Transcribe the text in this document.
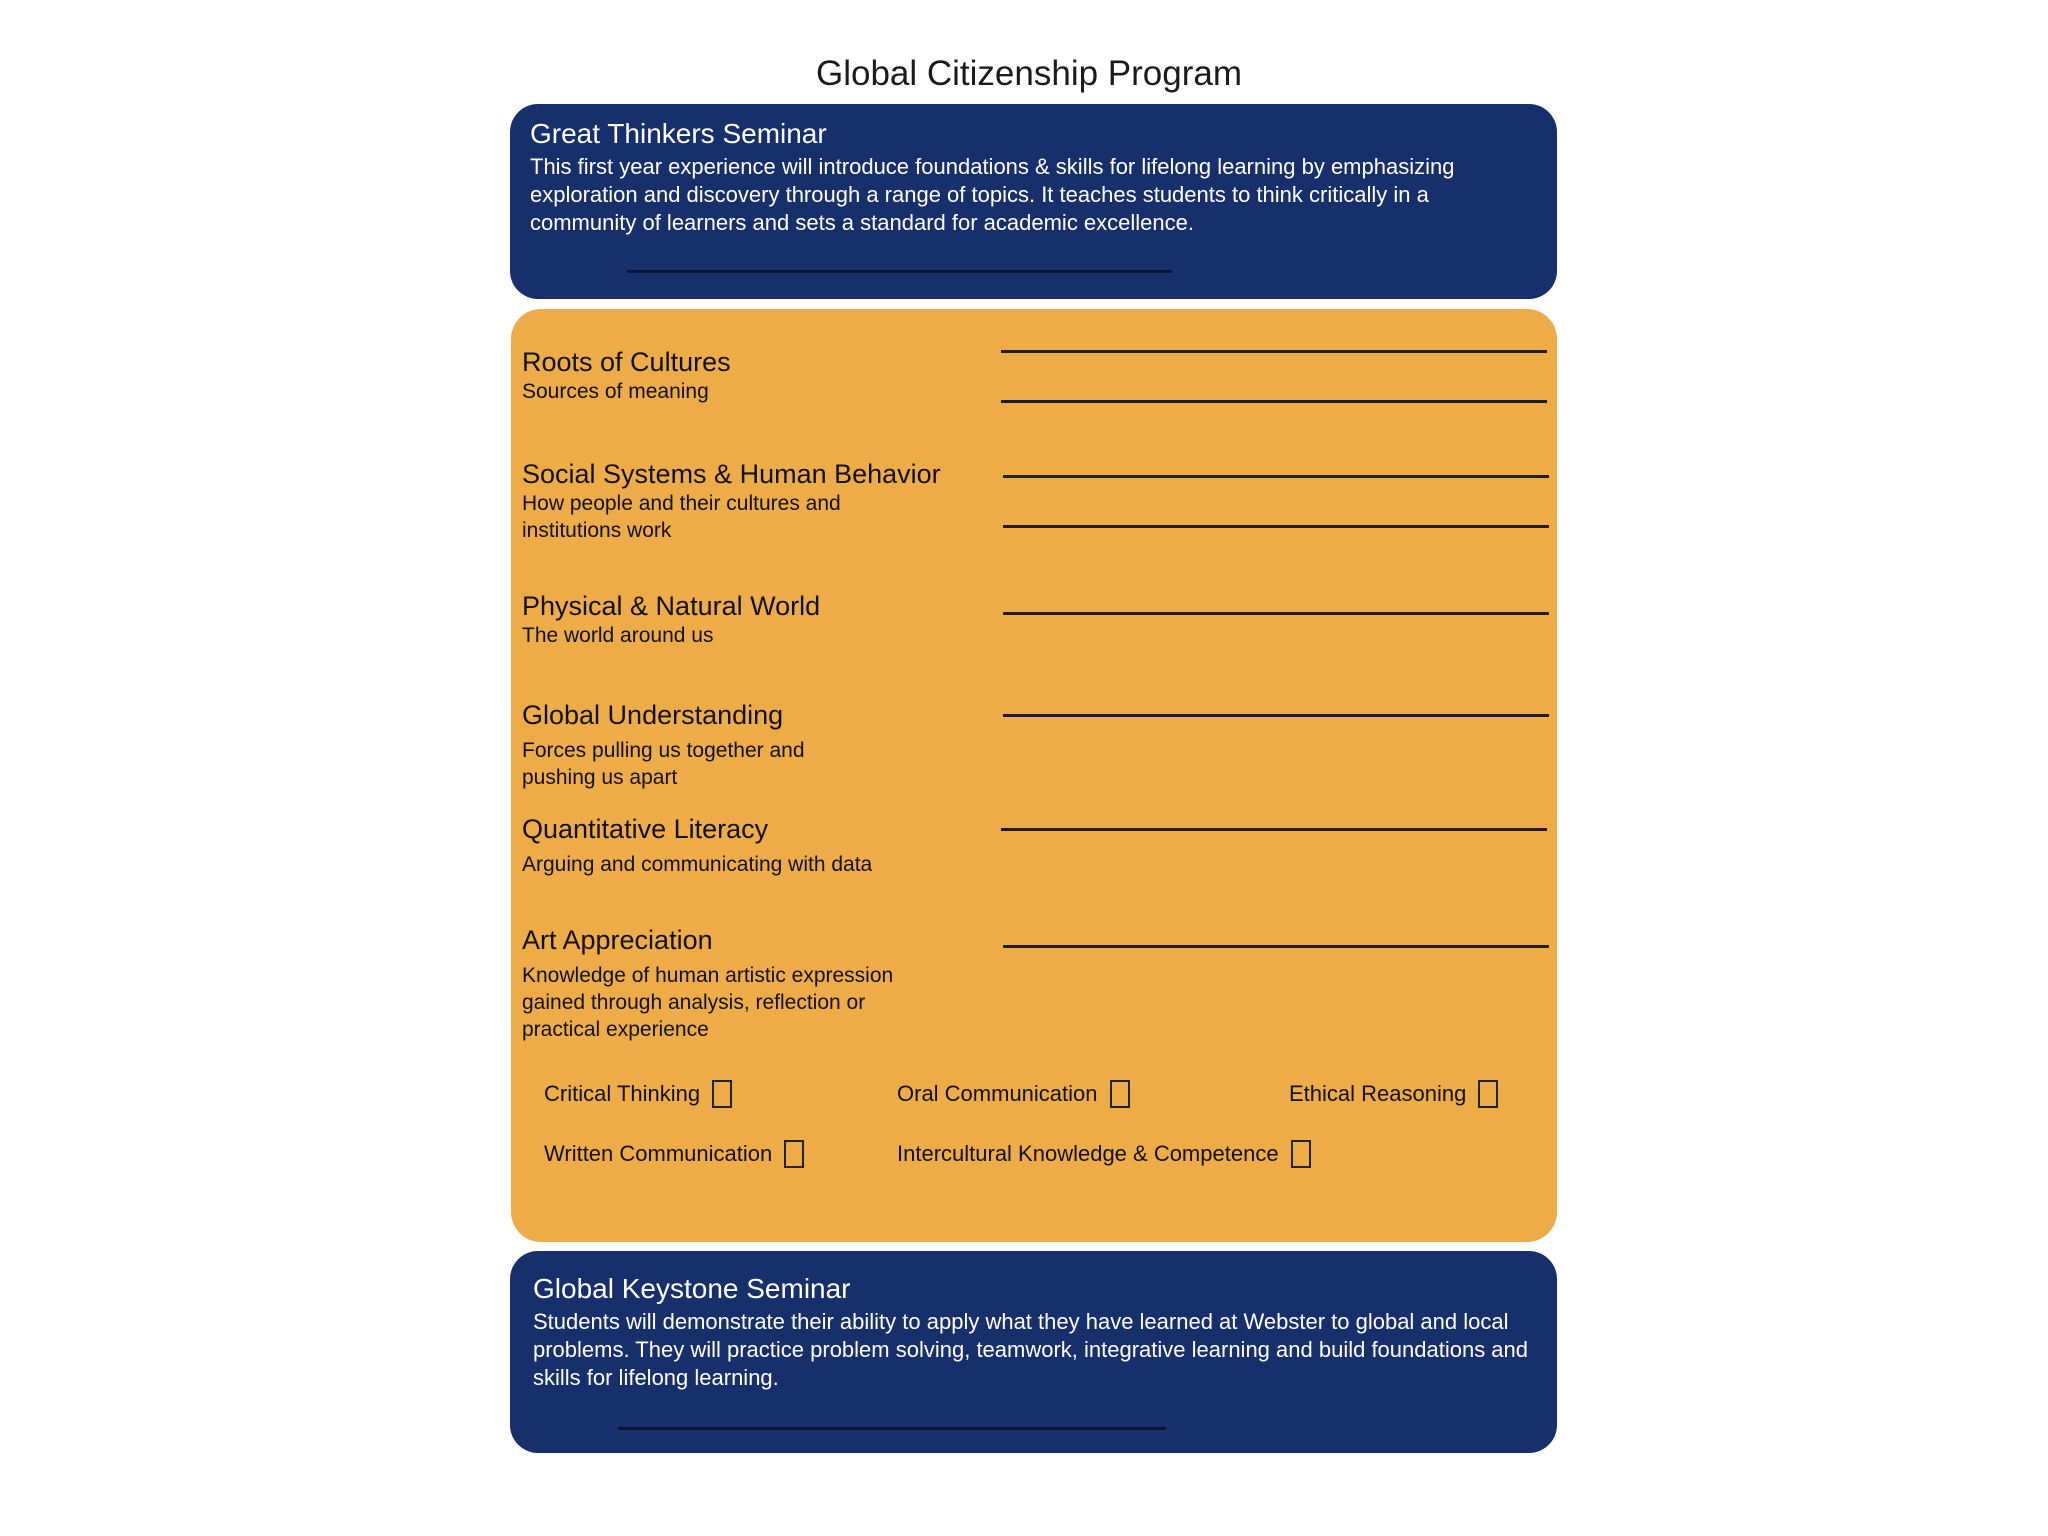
Global Citizenship Program
Great Thinkers Seminar
This first year experience will introduce foundations & skills for lifelong learning by emphasizing exploration and discovery through a range of topics. It teaches students to think critically in a community of learners and sets a standard for academic excellence.
Roots of Cultures
Sources of meaning
Social Systems & Human Behavior
How people and their cultures and institutions work
Physical & Natural World
The world around us
Global Understanding
Forces pulling us together and pushing us apart
Quantitative Literacy
Arguing and communicating with data
Art Appreciation
Knowledge of human artistic expression gained through analysis, reflection or practical experience
Critical Thinking	Oral Communication	Ethical Reasoning
Written Communication	Intercultural Knowledge & Competence
Global Keystone Seminar
Students will demonstrate their ability to apply what they have learned at Webster to global and local problems. They will practice problem solving, teamwork, integrative learning and build foundations and skills for lifelong learning.
